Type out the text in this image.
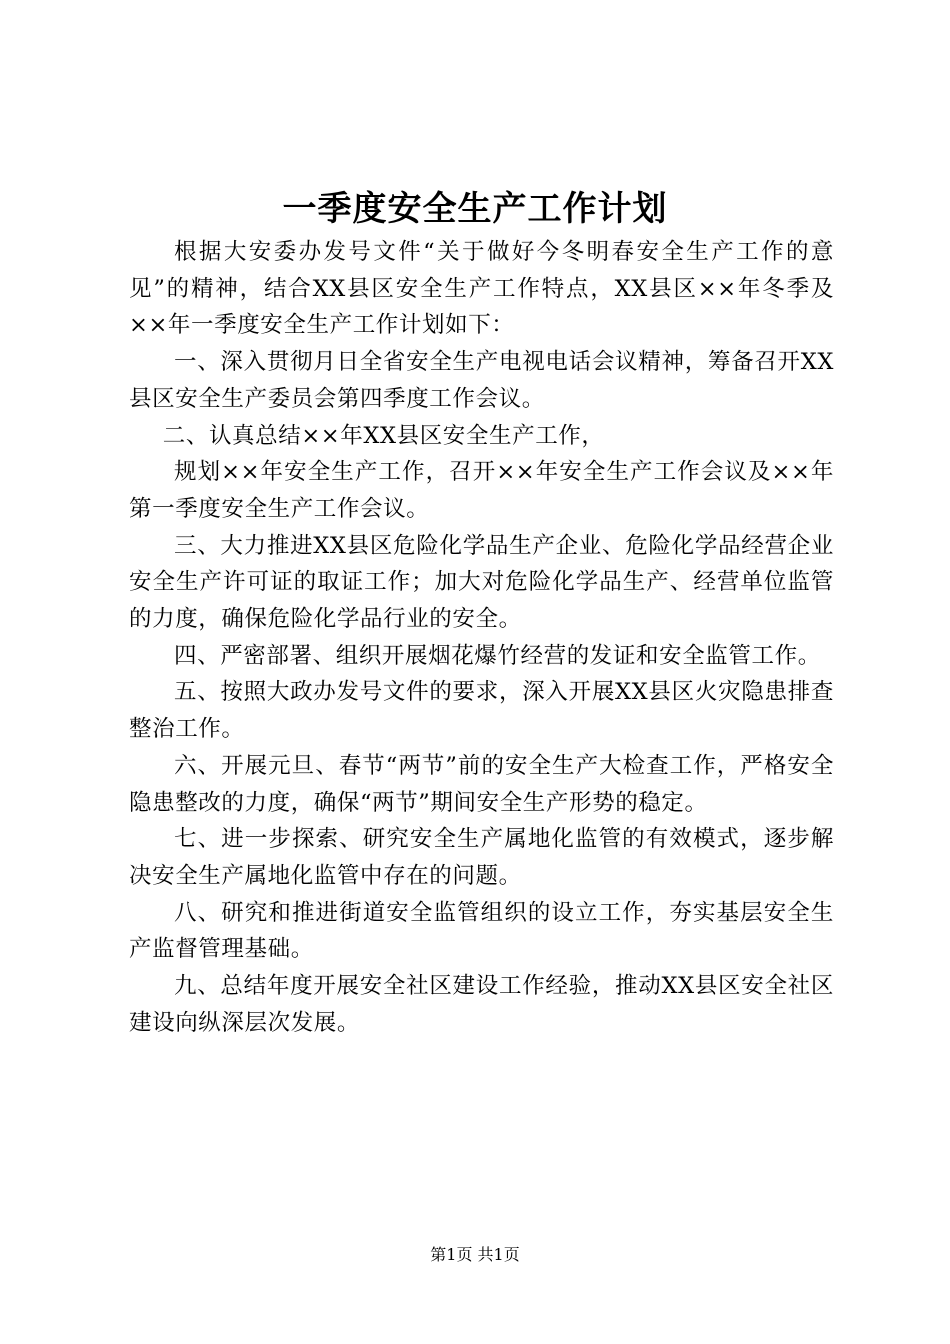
一季度安全生产工作计划

根据大安委办发号文件“关于做好今冬明春安全生产工作的意见”的精神，结合XX县区安全生产工作特点，XX县区××年冬季及××年一季度安全生产工作计划如下：

一、深入贯彻月日全省安全生产电视电话会议精神，筹备召开XX县区安全生产委员会第四季度工作会议。

二、认真总结××年XX县区安全生产工作，

规划××年安全生产工作，召开××年安全生产工作会议及××年第一季度安全生产工作会议。

三、大力推进XX县区危险化学品生产企业、危险化学品经营企业安全生产许可证的取证工作；加大对危险化学品生产、经营单位监管的力度，确保危险化学品行业的安全。

四、严密部署、组织开展烟花爆竹经营的发证和安全监管工作。

五、按照大政办发号文件的要求，深入开展XX县区火灾隐患排查整治工作。

六、开展元旦、春节“两节”前的安全生产大检查工作，严格安全隐患整改的力度，确保“两节”期间安全生产形势的稳定。

七、进一步探索、研究安全生产属地化监管的有效模式，逐步解决安全生产属地化监管中存在的问题。

八、研究和推进街道安全监管组织的设立工作，夯实基层安全生产监督管理基础。

九、总结年度开展安全社区建设工作经验，推动XX县区安全社区建设向纵深层次发展。

第1页 共1页
